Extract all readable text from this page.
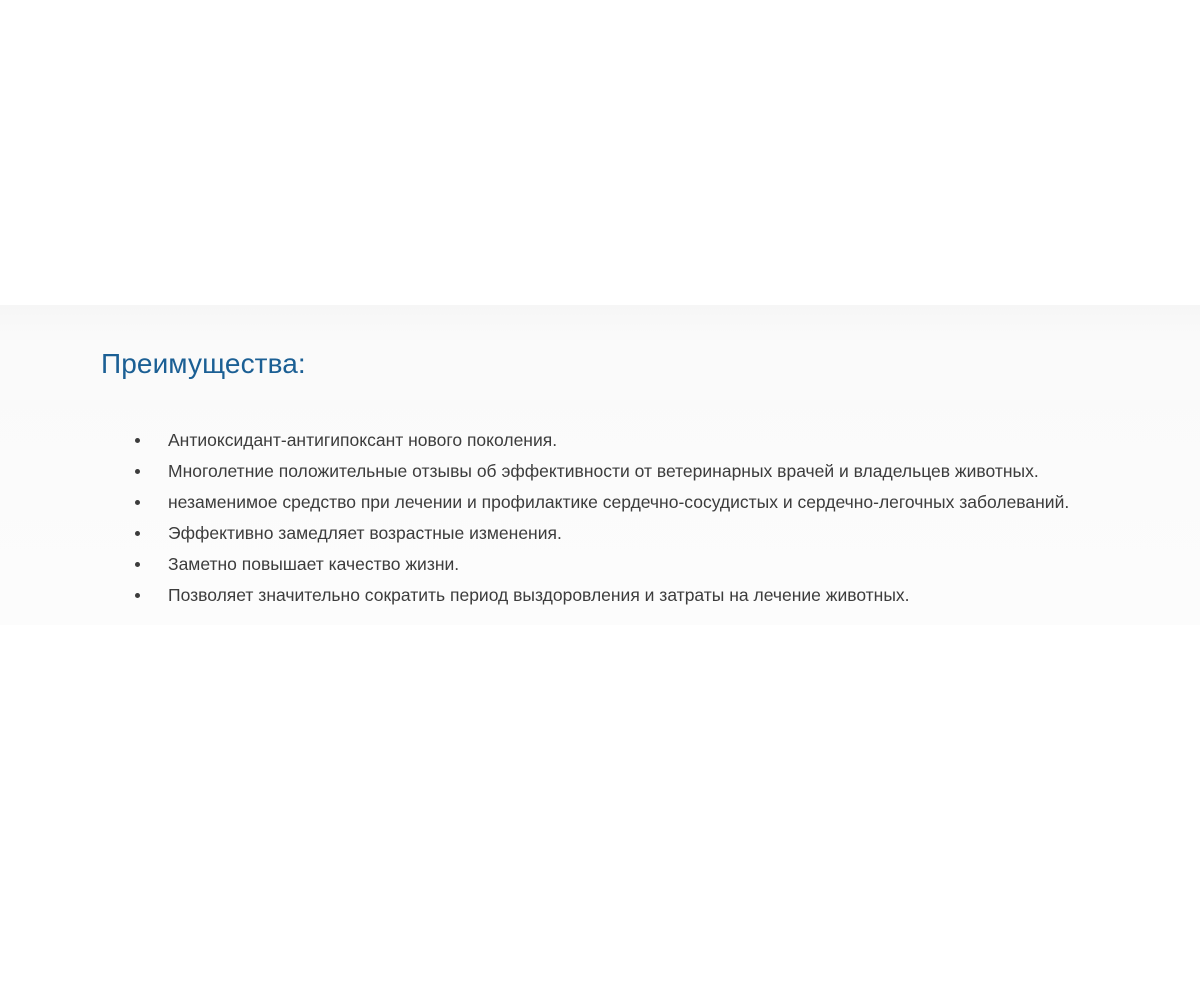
Преимущества:
Антиоксидант-антигипоксант нового поколения.
Многолетние положительные отзывы об эффективности от ветеринарных врачей и владельцев животных.
незаменимое средство при лечении и профилактике сердечно-сосудистых и сердечно-легочных заболеваний.
Эффективно замедляет возрастные изменения.
Заметно повышает качество жизни.
Позволяет значительно сократить период выздоровления и затраты на лечение животных.
